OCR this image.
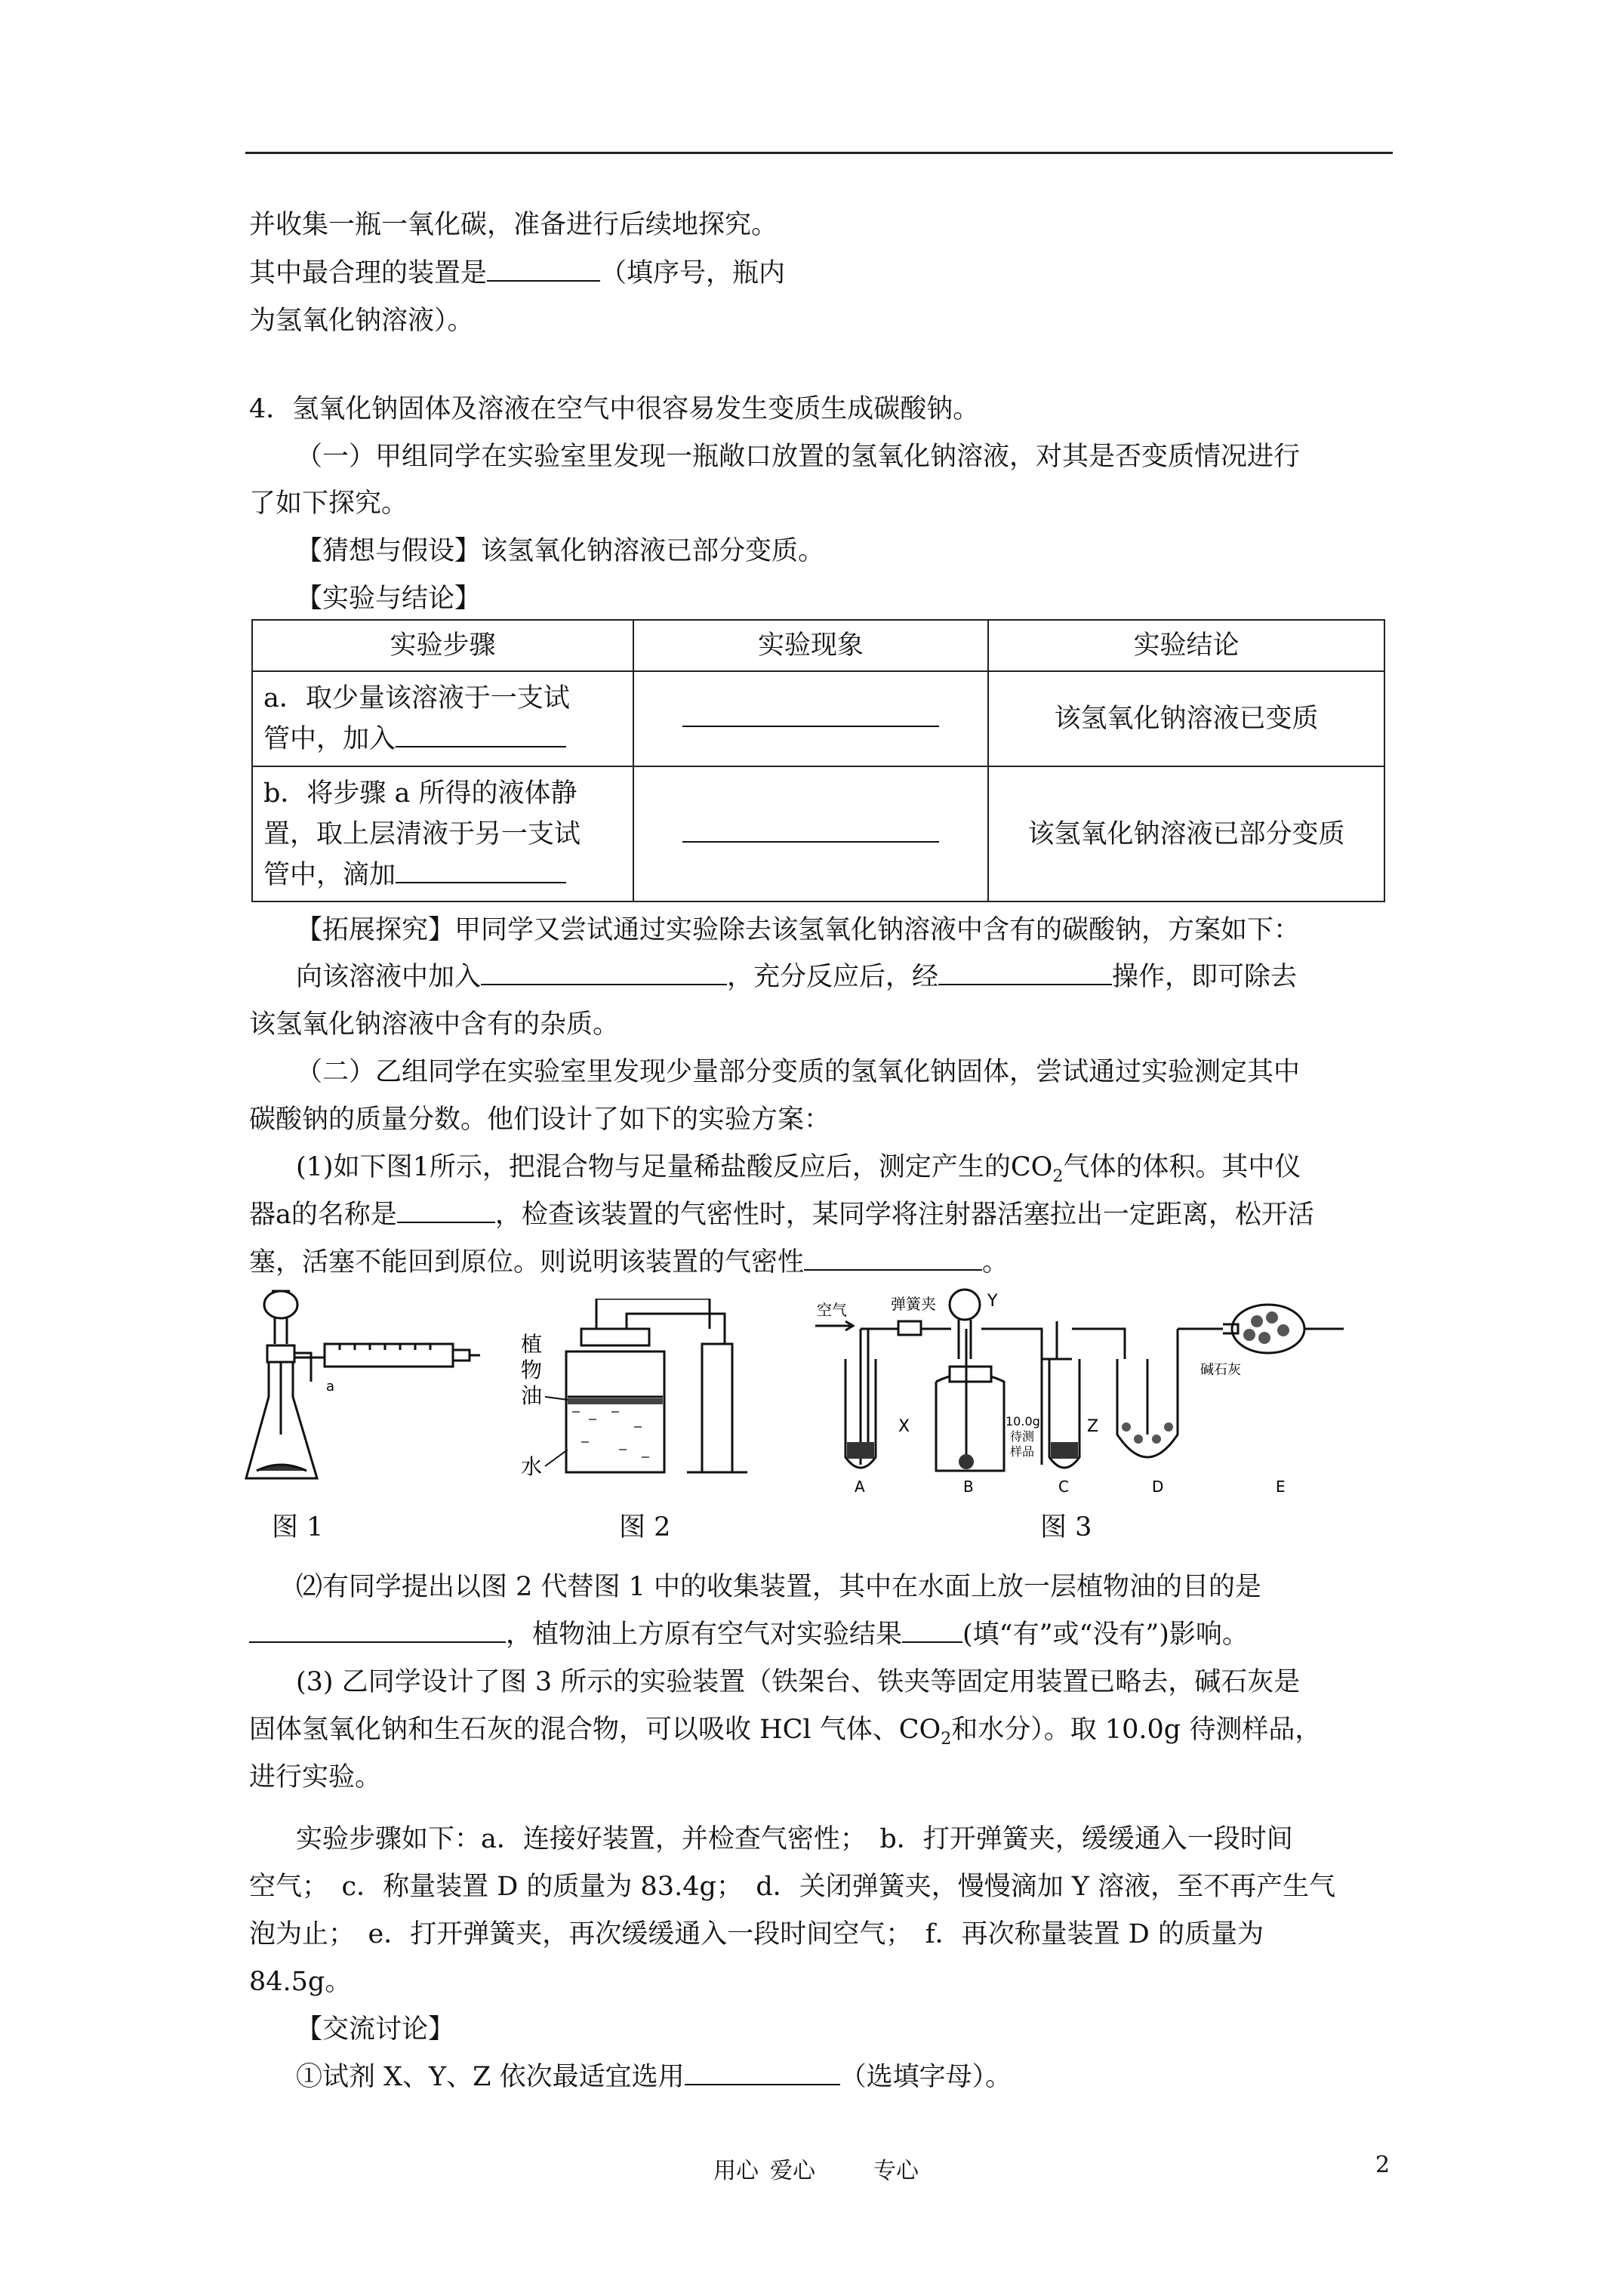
并收集一瓶一氧化碳，准备进行后续地探究。
其中最合理的装置是	（填序号，瓶内
为氢氧化钠溶液）。
4．氢氧化钠固体及溶液在空气中很容易发生变质生成碳酸钠。
（一）甲组同学在实验室里发现一瓶敞口放置的氢氧化钠溶液，对其是否变质情况进行
了如下探究。
【猜想与假设】该氢氧化钠溶液已部分变质。
【实验与结论】
实验步骤	实验现象	实验结论

a．取少量该溶液于一支试
管中，加入		该氢氧化钠溶液已变质

b．将步骤 a 所得的液体静
置，取上层清液于另一支试
管中，滴加		该氢氧化钠溶液已部分变质
【拓展探究】甲同学又尝试通过实验除去该氢氧化钠溶液中含有的碳酸钠，方案如下：
向该溶液中加入	，充分反应后，经	操作，即可除去
该氢氧化钠溶液中含有的杂质。
（二）乙组同学在实验室里发现少量部分变质的氢氧化钠固体，尝试通过实验测定其中
碳酸钠的质量分数。他们设计了如下的实验方案：
(1)如下图1所示，把混合物与足量稀盐酸反应后，测定产生的$CO_2$气体的体积。其中仪
器a的名称是	，检查该装置的气密性时，某同学将注射器活塞拉出一定距离，松开活
塞，活塞不能回到原位。则说明该装置的气密性	。
a
图 1
植
物
油
水
图 2
空气	弹簧夹	Y
X	Z
10.0g
待测
样品
碱石灰
A	B	C	D	E
图 3
⑵有同学提出以图 2 代替图 1 中的收集装置，其中在水面上放一层植物油的目的是
，植物油上方原有空气对实验结果 (填“有”或“没有”)影响。
(3) 乙同学设计了图 3 所示的实验装置（铁架台、铁夹等固定用装置已略去，碱石灰是
固体氢氧化钠和生石灰的混合物，可以吸收 HCl 气体、$CO_2$和水分）。取 10.0g 待测样品，
进行实验。
实验步骤如下：a．连接好装置，并检查气密性；　b．打开弹簧夹，缓缓通入一段时间
空气；　c．称量装置 D 的质量为 83.4g；　d．关闭弹簧夹，慢慢滴加 Y 溶液，至不再产生气
泡为止；　e．打开弹簧夹，再次缓缓通入一段时间空气；　f．再次称量装置 D 的质量为
84.5g。
【交流讨论】
①试剂 X、Y、Z 依次最适宜选用	（选填字母）。
用心 爱心	专心	2
